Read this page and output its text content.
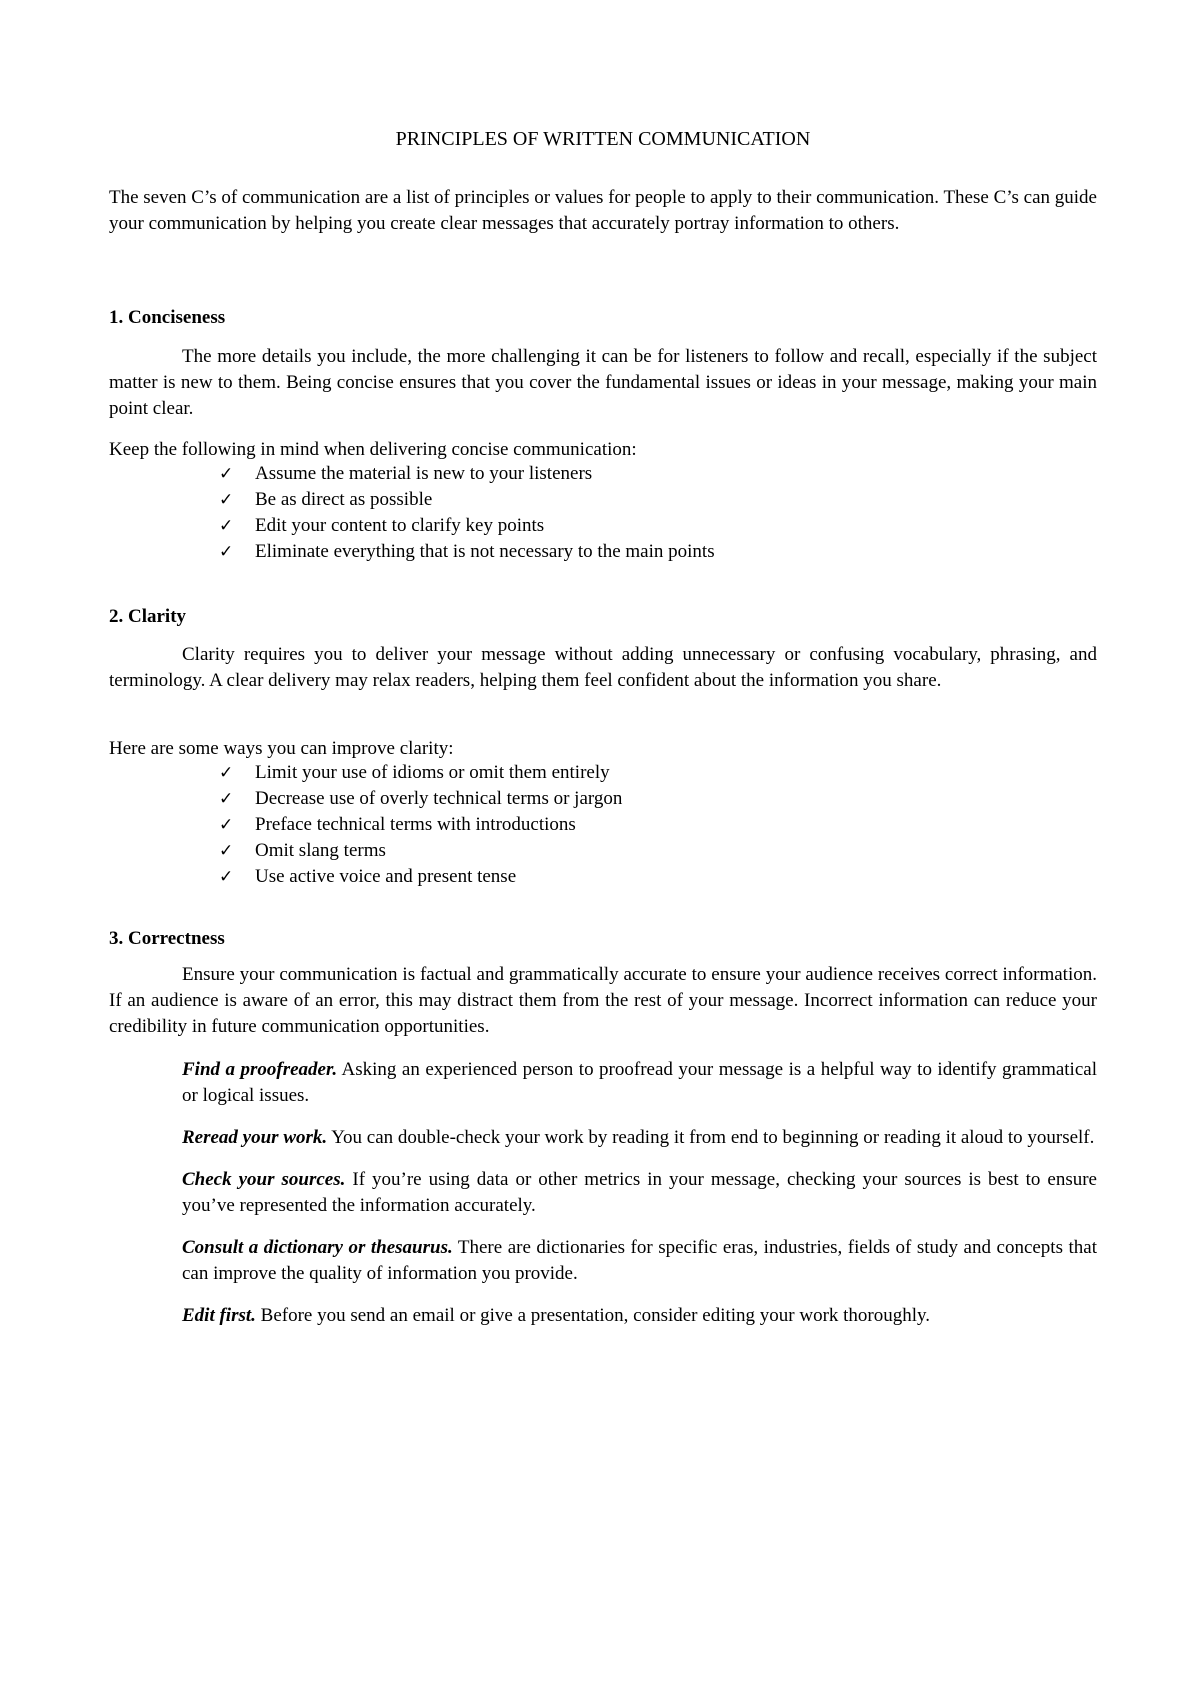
PRINCIPLES OF WRITTEN COMMUNICATION

The seven C’s of communication are a list of principles or values for people to apply to their communication. These C’s can guide your communication by helping you create clear messages that accurately portray information to others.

1. Conciseness

The more details you include, the more challenging it can be for listeners to follow and recall, especially if the subject matter is new to them. Being concise ensures that you cover the fundamental issues or ideas in your message, making your main point clear.

Keep the following in mind when delivering concise communication:

✓	Assume the material is new to your listeners
✓	Be as direct as possible
✓	Edit your content to clarify key points
✓	Eliminate everything that is not necessary to the main points
2. Clarity

Clarity requires you to deliver your message without adding unnecessary or confusing vocabulary, phrasing, and terminology. A clear delivery may relax readers, helping them feel confident about the information you share.

Here are some ways you can improve clarity:

✓	Limit your use of idioms or omit them entirely
✓	Decrease use of overly technical terms or jargon
✓	Preface technical terms with introductions
✓	Omit slang terms
✓	Use active voice and present tense
3. Correctness

Ensure your communication is factual and grammatically accurate to ensure your audience receives correct information. If an audience is aware of an error, this may distract them from the rest of your message. Incorrect information can reduce your credibility in future communication opportunities.

Find a proofreader. Asking an experienced person to proofread your message is a helpful way to identify grammatical or logical issues.

Reread your work. You can double-check your work by reading it from end to beginning or reading it aloud to yourself.

Check your sources. If you’re using data or other metrics in your message, checking your sources is best to ensure you’ve represented the information accurately.

Consult a dictionary or thesaurus. There are dictionaries for specific eras, industries, fields of study and concepts that can improve the quality of information you provide.

Edit first. Before you send an email or give a presentation, consider editing your work thoroughly.
